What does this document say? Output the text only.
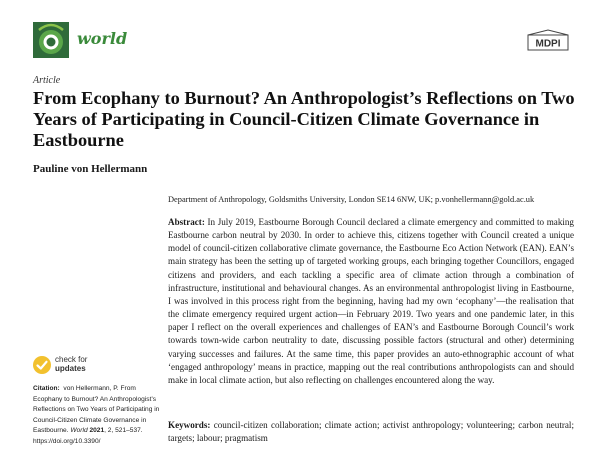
world	MDPI
Article
From Ecophany to Burnout? An Anthropologist’s Reflections on Two Years of Participating in Council-Citizen Climate Governance in Eastbourne
Pauline von Hellermann
Department of Anthropology, Goldsmiths University, London SE14 6NW, UK; p.vonhellermann@gold.ac.uk

Abstract: In July 2019, Eastbourne Borough Council declared a climate emergency and committed to making Eastbourne carbon neutral by 2030. In order to achieve this, citizens together with Council created a unique model of council-citizen collaborative climate governance, the Eastbourne Eco Action Network (EAN). EAN’s main strategy has been the setting up of targeted working groups, each bringing together Councillors, engaged citizens and providers, and each tackling a specific area of climate action through a combination of infrastructure, institutional and behavioural changes. As an environmental anthropologist living in Eastbourne, I was involved in this process right from the beginning, having had my own ‘ecophany’—the realisation that the climate emergency required urgent action—in February 2019. Two years and one pandemic later, in this paper I reflect on the overall experiences and challenges of EAN’s and Eastbourne Borough Council’s work towards town-wide carbon neutrality to date, discussing possible factors (structural and other) determining varying successes and failures. At the same time, this paper provides an auto-ethnographic account of what ‘engaged anthropology’ means in practice, mapping out the real contributions anthropologists can and should make in local climate action, but also reflecting on challenges encountered along the way.

Keywords: council-citizen collaboration; climate action; activist anthropology; volunteering; carbon neutral; targets; labour; pragmatism

check for
updates

Citation: von Hellermann, P. From Ecophany to Burnout? An Anthropologist’s Reflections on Two Years of Participating in Council-Citizen Climate Governance in Eastbourne. World 2021, 2, 521–537. https://doi.org/10.3390/
